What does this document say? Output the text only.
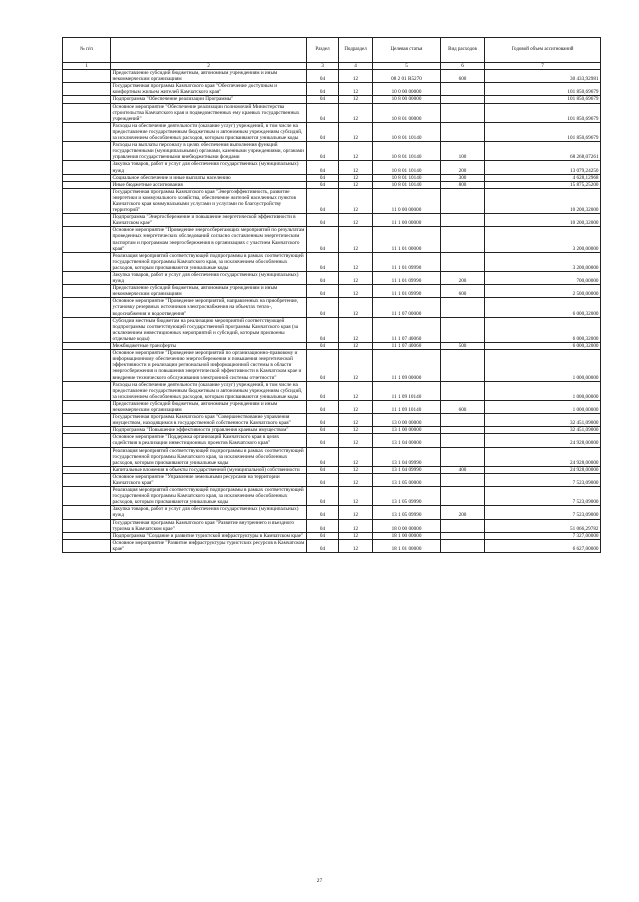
№ п/п		Раздел	Подраздел	Целевая статья	Вид расходов	Годовой объем ассигнований
1	2	3	4	5	6	7
	Предоставление субсидий бюджетным, автономным учреждениям и иным некоммерческим организациям	04	12	08 2 01 R5270	600	30 433,92981
	Государственная программа Камчатского края "Обеспечение доступным и комфортным жильем жителей Камчатского края"	04	12	10 0 00 00000		101 850,69679
	Подпрограмма "Обеспечение реализации Программы"	04	12	10 8 00 00000		101 850,69679
	Основное мероприятие "Обеспечение реализации полномочий Министерства строительства Камчатского края и подведомственных ему краевых государственных учреждений"	04	12	10 8 01 00000		101 850,69679
	Расходы на обеспечение деятельности (оказание услуг) учреждений, в том числе на предоставление государственным бюджетным и автономным учреждениям субсидий, за исключением обособленных расходов, которым присваиваются уникальные коды	04	12	10 8 01 10140		101 850,69679
	Расходы на выплаты персоналу в целях обеспечения выполнения функций государственными (муниципальными) органами, казенными учреждениями, органами управления государственными внебюджетными фондами	04	12	10 8 01 10140	100	68 268,07261
	Закупка товаров, работ и услуг для обеспечения государственных (муниципальных) нужд	04	12	10 8 01 10140	200	13 079,24250
	Социальное обеспечение и иные выплаты населению	04	12	10 8 01 10140	300	4 628,12968
	Иные бюджетные ассигнования	04	12	10 8 01 10140	800	15 875,25200
	Государственная программа Камчатского края "Энергоэффективность, развитие энергетики и коммунального хозяйства, обеспечение жителей населенных пунктов Камчатского края коммунальными услугами и услугами по благоустройству территорий"	04	12	11 0 00 00000		10 200,32000
	Подпрограмма "Энергосбережение и повышение энергетической эффективности в Камчатском крае"	04	12	11 1 00 00000		10 200,32000
	Основное мероприятие "Проведение энергосберегающих мероприятий по результатам проведенных энергетических обследований согласно составленным энергетическим паспортам и программам энергосбережения в организациях с участием Камчатского края"	04	12	11 1 01 00000		3 200,00000
	Реализация мероприятий соответствующей подпрограммы в рамках соответствующей государственной программы Камчатского края, за исключением обособленных расходов, которым присваиваются уникальные коды	04	12	11 1 01 09990		3 200,00000
	Закупка товаров, работ и услуг для обеспечения государственных (муниципальных) нужд	04	12	11 1 01 09990	200	700,00000
	Предоставление субсидий бюджетным, автономным учреждениям и иным некоммерческим организациям	04	12	11 1 01 09990	600	2 500,00000
	Основное мероприятие "Проведение мероприятий, направленных на приобретение, установку резервных источников электроснабжения на объектах тепло-, водоснабжения и водоотведения"	04	12	11 1 07 00000		6 000,32000
	Субсидии местным бюджетам на реализацию мероприятий соответствующей подпрограммы соответствующей государственной программы Камчатского края (за исключением инвестиционных мероприятий и субсидий, которым присвоены отдельные коды)	04	12	11 1 07 40060		6 000,32000
	Межбюджетные трансферты	04	12	11 1 07 40060	500	6 000,32000
	Основное мероприятие "Проведение мероприятий по организационно-правовому и информационному обеспечению энергосбережения и повышения энергетической эффективности и реализации региональной информационной системы в области энергосбережения и повышения энергетической эффективности в Камчатском крае и внедрение технического обслуживания электронной системы отчетности"	04	12	11 1 09 00000		1 000,00000
	Расходы на обеспечение деятельности (оказание услуг) учреждений, в том числе на предоставление государственным бюджетным и автономным учреждениям субсидий, за исключением обособленных расходов, которым присваиваются уникальные коды	04	12	11 1 09 10140		1 000,00000
	Предоставление субсидий бюджетным, автономным учреждениям и иным некоммерческим организациям	04	12	11 1 09 10140	600	1 000,00000
	Государственная программа Камчатского края "Совершенствование управления имуществом, находящимся в государственной собственности Камчатского края"	04	12	13 0 00 00000		32 451,09000
	Подпрограмма "Повышение эффективности управления краевым имуществом"	04	12	13 1 00 00000		32 451,09000
	Основное мероприятие "Поддержка организаций Камчатского края в целях содействия в реализации инвестиционных проектов Камчатского края"	04	12	13 1 04 00000		24 928,00000
	Реализация мероприятий соответствующей подпрограммы в рамках соответствующей государственной программы Камчатского края, за исключением обособленных расходов, которым присваиваются уникальные коды	04	12	13 1 04 09990		24 928,00000
	Капитальные вложения в объекты государственной (муниципальной) собственности	04	12	13 1 04 09990	400	24 928,00000
	Основное мероприятие "Управление земельными ресурсами на территории Камчатского края"	04	12	13 1 05 00000		7 523,09000
	Реализация мероприятий соответствующей подпрограммы в рамках соответствующей государственной программы Камчатского края, за исключением обособленных расходов, которым присваиваются уникальные коды	04	12	13 1 05 09990		7 523,09000
	Закупка товаров, работ и услуг для обеспечения государственных (муниципальных) нужд	04	12	13 1 05 09990	200	7 523,09000
	Государственная программа Камчатского края "Развитие внутреннего и въездного туризма в Камчатском крае"	04	12	18 0 00 00000		51 066,29782
	Подпрограмма "Создание и развитие туристской инфраструктуры в Камчатском крае"	04	12	18 1 00 00000		7 327,00000
	Основное мероприятие "Развитие инфраструктуры туристских ресурсов в Камчатском крае"	04	12	18 1 01 00000		6 627,00000
27
